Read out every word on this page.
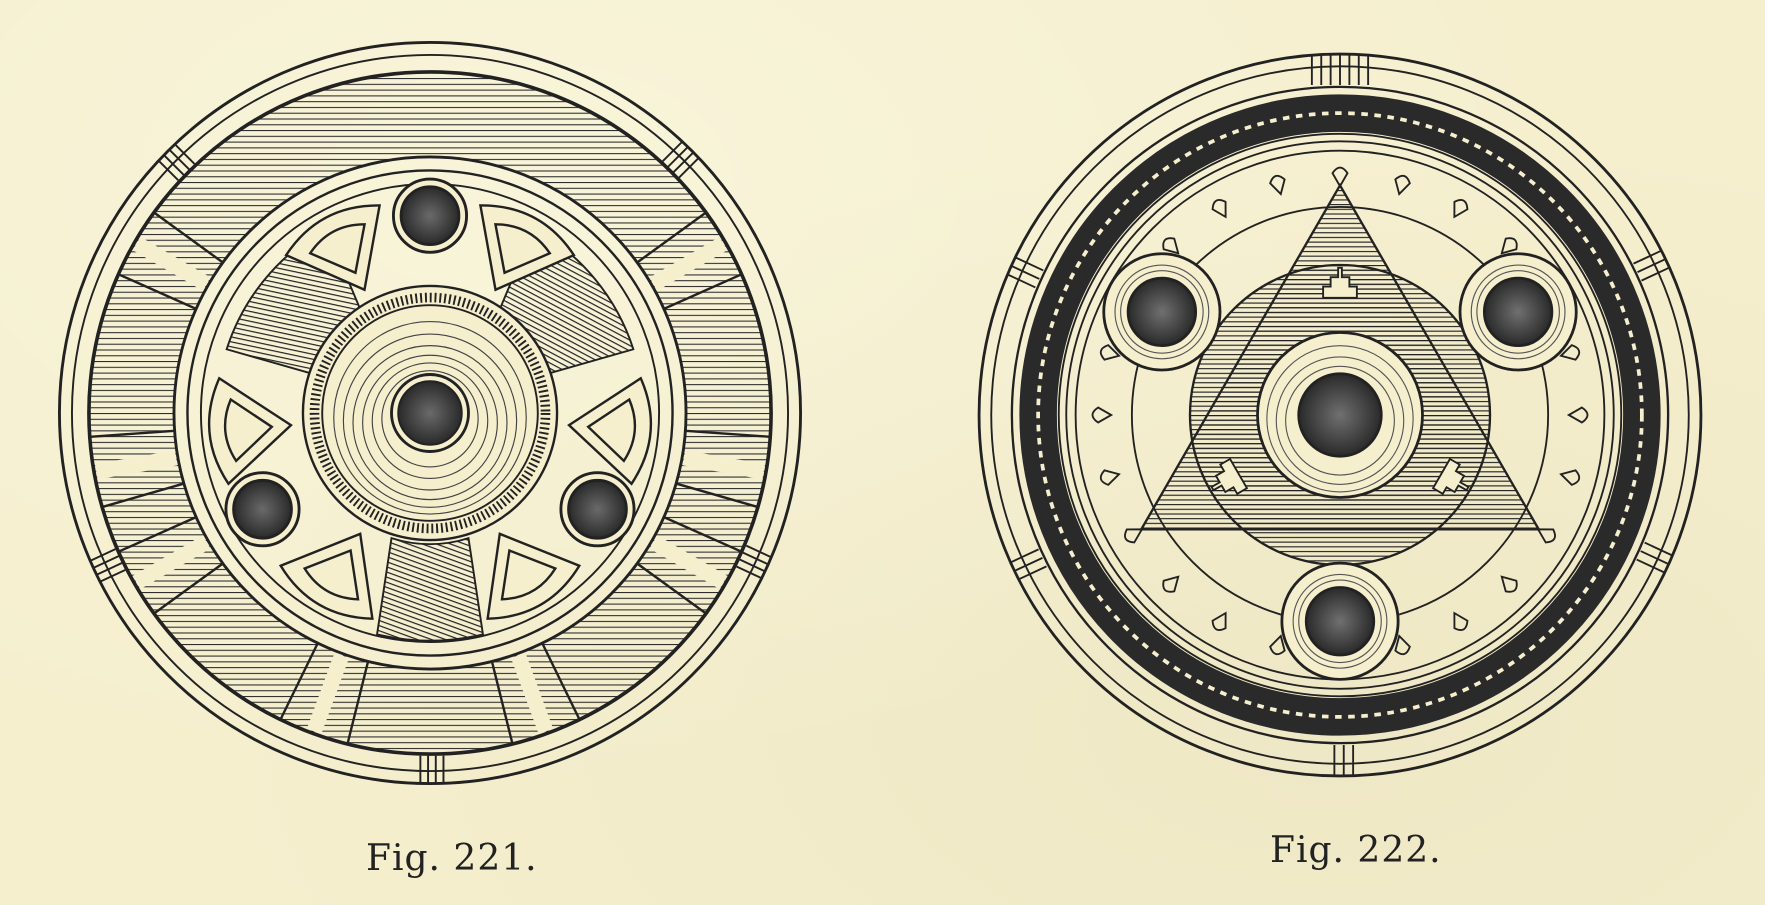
Fig. 221.	Fig. 222.
